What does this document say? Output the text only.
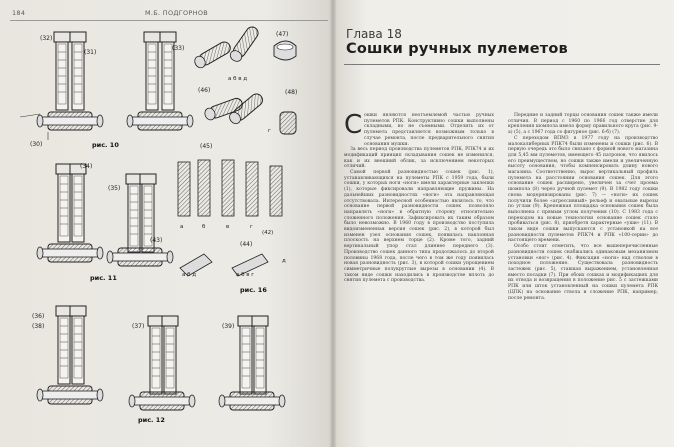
184	М.Б. ПОДГОРНОВ
(32)
(31)
(33)
(47)
(46)
а б в д
(48)
(45)
г
(30)	рис. 10
(34)
(35)
(42)
(43)
(44)
а	б	в	г
д
а б д	а б в г
рис. 11
рис. 16
(36)
(38)	(37)	(39)
рис. 12
Глава 18
Сошки ручных пулеметов
С ошки являются неотъемлемой частью ручных пулеметов РПК. Конструктивно сошки выполнены складными, но не съемными. Отделить их от пулемета представляется возможным только в случае ремонта, после предварительного снятия основания мушки.

За весь период производства пулеметов РПК, РПК74 и их модификаций принцип складывания сошек не изменился, как и их внешний облик, за исключением некоторых отличий.

Самой первой разновидностью сошек (рис. 1), устанавливающихся на пулеметы РПК с 1959 года, были сошки, у которых ноги «ноги» имели характерные заклепки (1), которые фиксировали направляющие пружины. На дальнейших разновидностях «ноги» эта направляющая отсутствовала. Интересной особенностью являлось то, что основание первой разновидности сошек позволяло направлять «ноги» в обратную сторону относительно сложенного положения. Зафиксировать их таким образом было невозможно. В 1960 году в производство поступила видоизмененная версия сошек (рис. 2), в которой был изменен узел основания сошек, появилась наклонная плоскость на верхнем торце (2). Кроме того, задний вертикальный упор стал длиннее переднего (3). Производство сошек данного типа продолжалось до второй половины 1968 года, после чего в том же году появилась новая разновидность (рис. 3), в которой сошки упрощением симметричные полукруглые вырезы в основании (4). В таком виде сошки находились в производстве вплоть до снятия пулемета с производства.

Передние и задний торцы основания сошек также имели отличия. В период с 1960 по 1966 год отверстие для крепления шомпола имело форму правильного круга (рис. 9-а) (5), а с 1967 года со фигурное (рис. 6-б) (7).

С переходом ВПМЗ в 1977 году на производство малокалиберных РПК74 были изменены и сошки (рис. 6). В первую очередь это было связано с формой нового магазина для 5,45 мм пулеметов, имеющего 45 патронов, что явилось его преимуществом, но сошки также имели и увеличенную высоту основания, чтобы компенсировать длину нового магазина. Соответственно, вырос вертикальный профиль пулемета на расстоянии основания сошек. Для этого основание сошек расширено, увеличен за счет проема шомпола (8) через ручной пулемет (9). В 1982 году сошки снова модернизированы (рис. 7) — «ноги» их сошек получили более «агрессивный» рельеф и овальные вырезы по углам (9). Крепежная площадка основания сошек была выполнена с прямым углом получения (10). С 1983 года с переходом на новые технологии основание сошек стало пробиваться (рис. 8), приобретя характерные «уши» (11). В таком виде сошки выпускаются с установкой на все разновидности пулеметов РПК74 и РПК «100-серии» до настоящего времени.

Особо стоит отметить, что все вышеперечисленные разновидности сошек снабжались одинаковым механизмом установки «ног» (рис. 4). Фиксация «ноги» над стволом в походное положение. Существовала разновидность застежек (рис. 5), ставшая выражением, установленная вместо посадки (7). При обоих сошках и модификациях для их отвода и возвращения в положение рис. 5 с застежками РПК или шток установленный на сошки пулемета РПК (ЦПК) на основание ствола и сложение РПК, например, после ремонта.
